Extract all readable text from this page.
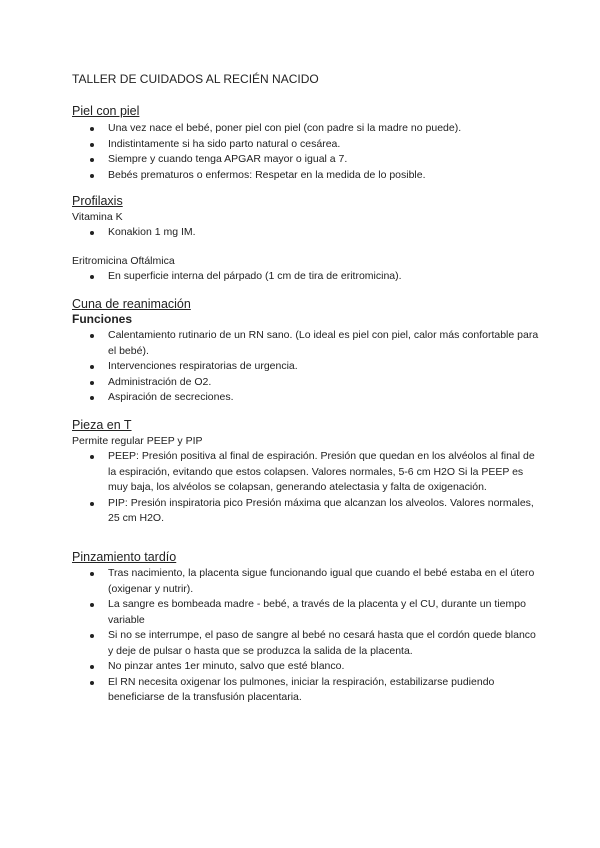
TALLER DE CUIDADOS AL RECIÉN NACIDO
Piel con piel
Una vez nace el bebé, poner piel con piel (con padre si la madre no puede).
Indistintamente si ha sido parto natural o cesárea.
Siempre y cuando tenga APGAR mayor o igual a 7.
Bebés prematuros o enfermos: Respetar en la medida de lo posible.
Profilaxis
Vitamina K
Konakion 1 mg IM.
Eritromicina Oftálmica
En superficie interna del párpado (1 cm de tira de eritromicina).
Cuna de reanimación
Funciones
Calentamiento rutinario de un RN sano. (Lo ideal es piel con piel, calor más confortable para el bebé).
Intervenciones respiratorias de urgencia.
Administración de O2.
Aspiración de secreciones.
Pieza en T
Permite regular PEEP y PIP
PEEP: Presión positiva al final de espiración. Presión que quedan en los alvéolos al final de la espiración, evitando que estos colapsen. Valores normales, 5-6 cm H2O Si la PEEP es muy baja, los alvéolos se colapsan, generando atelectasia y falta de oxigenación.
PIP: Presión inspiratoria pico Presión máxima que alcanzan los alveolos. Valores normales, 25 cm H2O.
Pinzamiento tardío
Tras nacimiento, la placenta sigue funcionando igual que cuando el bebé estaba en el útero (oxigenar y nutrir).
La sangre es bombeada madre - bebé, a través de la placenta y el CU, durante un tiempo variable
Si no se interrumpe, el paso de sangre al bebé no cesará hasta que el cordón quede blanco y deje de pulsar o hasta que se produzca la salida de la placenta.
No pinzar antes 1er minuto, salvo que esté blanco.
El RN necesita oxigenar los pulmones, iniciar la respiración, estabilizarse pudiendo beneficiarse de la transfusión placentaria.
